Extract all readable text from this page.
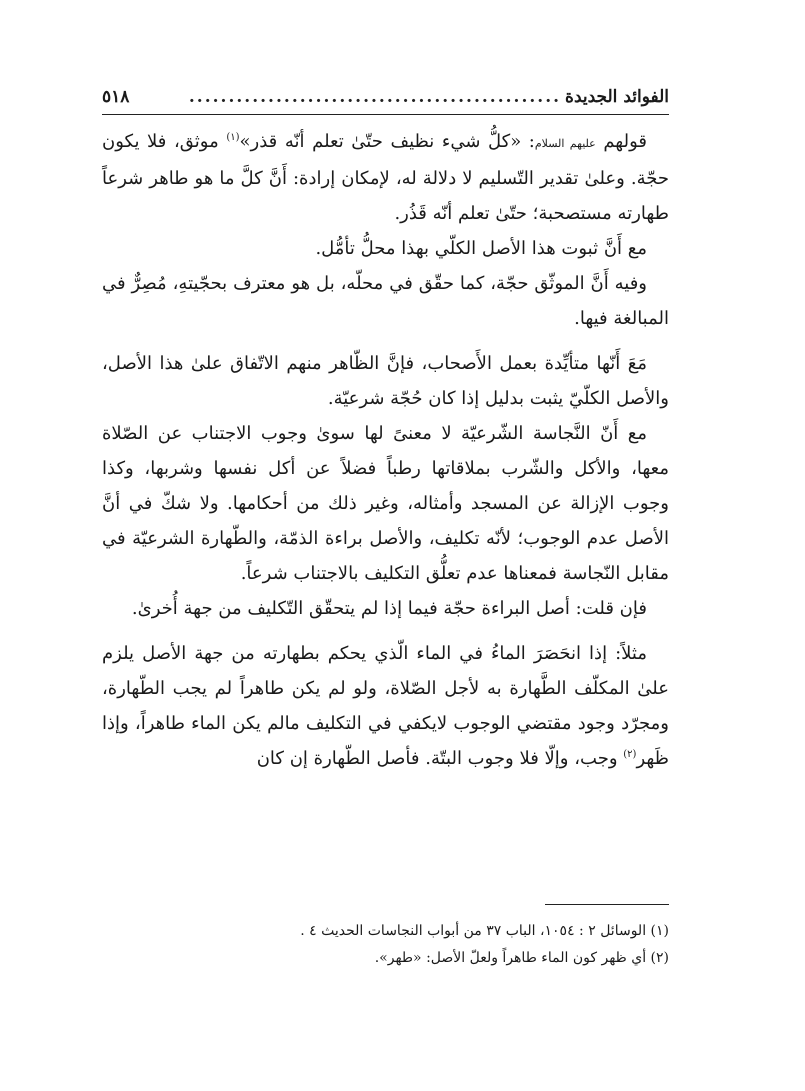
الفوائد الجديدة
...............................................
٥١٨

قولهم عليهم السلام: «كلُّ شيء نظيف حتّىٰ تعلم أنّه قذر»$^{(١)}$ موثق، فلا يكون حجّة. وعلىٰ تقدير التّسليم لا دلالة له، لإمكان إرادة: أَنَّ كلَّ ما هو طاهر شرعاً طهارته مستصحبة؛ حتّىٰ تعلم أنّه قَذُر.

مع أَنَّ ثبوت هذا الأصل الكلّي بهذا محلُّ تأمُّل.

وفيه أَنَّ الموثّق حجّة، كما حقّق في محلّه، بل هو معترف بحجّيتهِ، مُصِرٌّ في المبالغة فيها.

مَعَ أَنّها متأيِّدة بعمل الأَصحاب، فإنَّ الظّاهر منهم الاتّفاق علىٰ هذا الأصل، والأصل الكلّيّ يثبت بدليل إذا كان حُجّة شرعيّة.

مع أَنّ النَّجاسة الشّرعيّة لا معنىً لها سوىٰ وجوب الاجتناب عن الصّلاة معها، والأكل والشّرب بملاقاتها رطباً فضلاً عن أكل نفسها وشربها، وكذا وجوب الإزالة عن المسجد وأمثاله، وغير ذلك من أحكامها. ولا شكّ في أنَّ الأصل عدم الوجوب؛ لأنّه تكليف، والأصل براءة الذمّة، والطّهارة الشرعيّة في مقابل النّجاسة فمعناها عدم تعلُّق التكليف بالاجتناب شرعاً.

فإن قلت: أصل البراءة حجّة فيما إذا لم يتحقّق التّكليف من جهة أُخرىٰ.

مثلاً: إذا انحَصَرَ الماءُ في الماء الّذي يحكم بطهارته من جهة الأصل يلزم علىٰ المكلّف الطَّهارة به لأجل الصّلاة، ولو لم يكن طاهراً لم يجب الطّهارة، ومجرّد وجود مقتضي الوجوب لايكفي في التكليف مالم يكن الماء طاهراً، وإذا ظَهر$^{(٢)}$ وجب، وإلّا فلا وجوب البتّة. فأصل الطّهارة إن كان

(١) الوسائل ٢ : ١٠٥٤، الباب ٣٧ من أبواب النجاسات الحديث ٤ .

(٢) أي ظهر كون الماء طاهراً ولعلّ الأصل: «طهر».
